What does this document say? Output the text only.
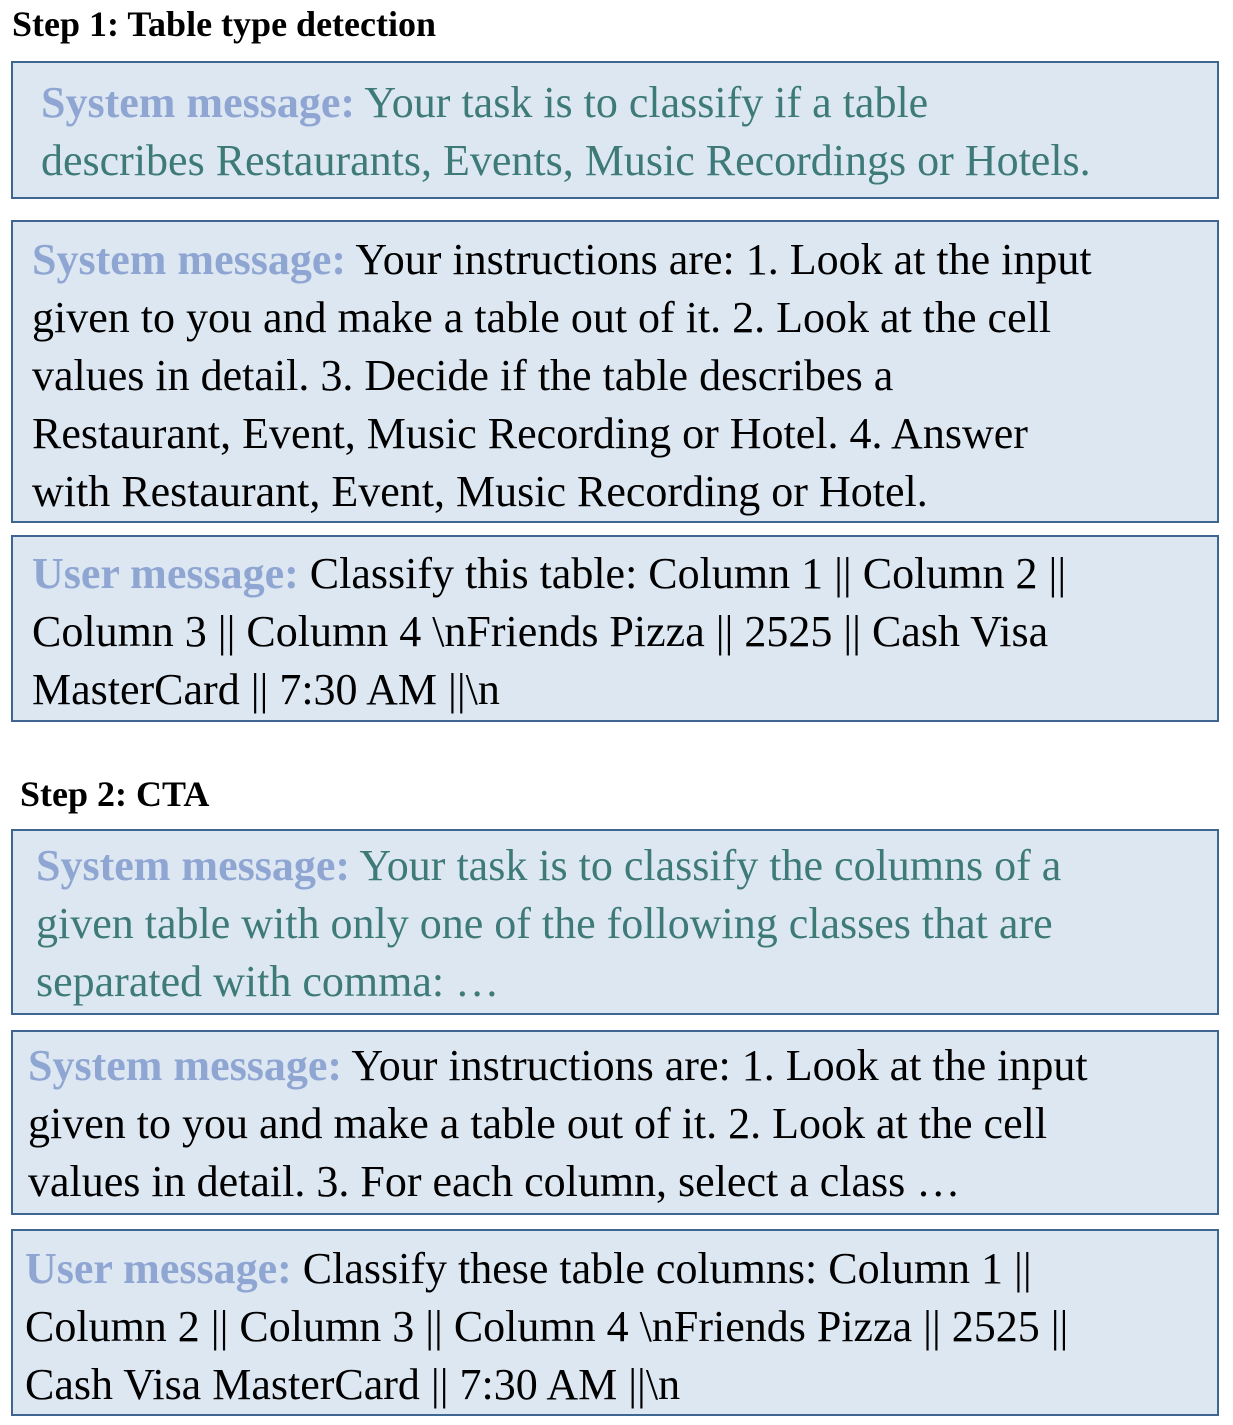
Step 1: Table type detection
System message: Your task is to classify if a table
describes Restaurants, Events, Music Recordings or Hotels.
System message: Your instructions are: 1. Look at the input
given to you and make a table out of it. 2. Look at the cell
values in detail. 3. Decide if the table describes a
Restaurant, Event, Music Recording or Hotel. 4. Answer
with Restaurant, Event, Music Recording or Hotel.
User message: Classify this table: Column 1 || Column 2 ||
Column 3 || Column 4 \nFriends Pizza || 2525 || Cash Visa
MasterCard || 7:30 AM ||\n
Step 2: CTA
System message: Your task is to classify the columns of a
given table with only one of the following classes that are
separated with comma: …
System message: Your instructions are: 1. Look at the input
given to you and make a table out of it. 2. Look at the cell
values in detail. 3. For each column, select a class …
User message: Classify these table columns: Column 1 ||
Column 2 || Column 3 || Column 4 \nFriends Pizza || 2525 ||
Cash Visa MasterCard || 7:30 AM ||\n
